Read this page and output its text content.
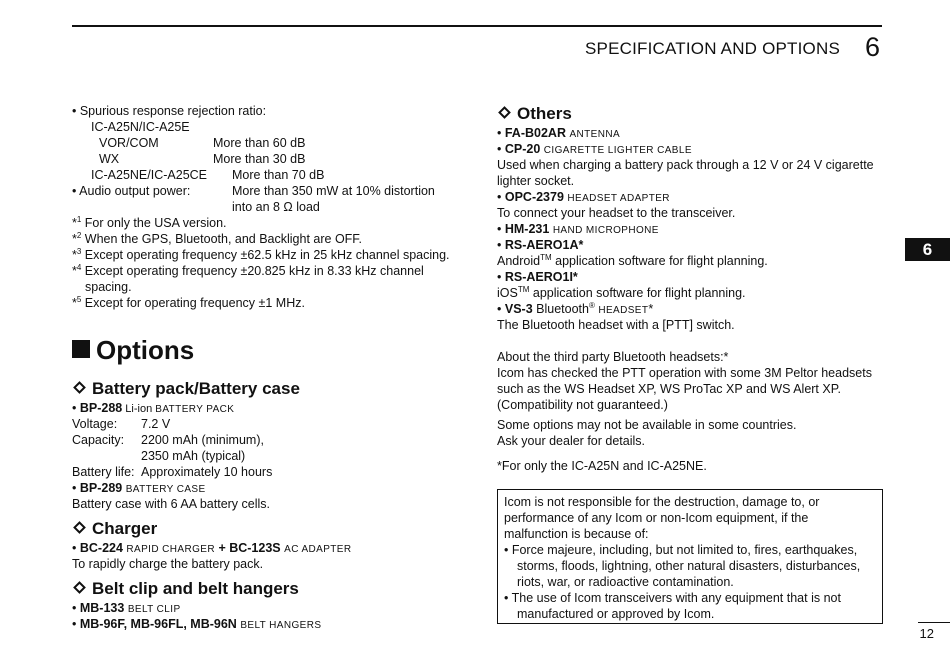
SPECIFICATION AND OPTIONS 6
6
• Spurious response rejection ratio:
IC-A25N/IC-A25E
VOR/COM	More than 60 dB
WX	More than 30 dB
IC-A25NE/IC-A25CE	More than 70 dB
• Audio output power:	More than 350 mW at 10% distortion
into an 8 Ω load
*$^1$ For only the USA version.
*$^2$ When the GPS, Bluetooth, and Backlight are OFF.
*$^3$ Except operating frequency ±62.5 kHz in 25 kHz channel spacing.
*$^4$ Except operating frequency ±20.825 kHz in 8.33 kHz channel
spacing.
*$^5$ Except for operating frequency ±1 MHz.
Options
Battery pack/Battery case
• BP-288 Li-ion BATTERY PACK
Voltage: 7.2 V
Capacity: 2200 mAh (minimum),
2350 mAh (typical)
Battery life: Approximately 10 hours
• BP-289 BATTERY CASE
Battery case with 6 AA battery cells.
Charger
• BC-224 RAPID CHARGER + BC-123S AC ADAPTER
To rapidly charge the battery pack.
Belt clip and belt hangers
• MB-133 BELT CLIP
• MB-96F, MB-96FL, MB-96N BELT HANGERS
Others
• FA-B02AR ANTENNA
• CP-20 CIGARETTE LIGHTER CABLE
Used when charging a battery pack through a 12 V or 24 V cigarette
lighter socket.
• OPC-2379 HEADSET ADAPTER
To connect your headset to the transceiver.
• HM-231 HAND MICROPHONE
• RS-AERO1A*
Android™ application software for flight planning.
• RS-AERO1I*
iOS™ application software for flight planning.
• VS-3 Bluetooth® HEADSET*
The Bluetooth headset with a [PTT] switch.
About the third party Bluetooth headsets:*
Icom has checked the PTT operation with some 3M Peltor headsets
such as the WS Headset XP, WS ProTac XP and WS Alert XP.
(Compatibility not guaranteed.)
Some options may not be available in some countries.
Ask your dealer for details.
*For only the IC-A25N and IC-A25NE.
Icom is not responsible for the destruction, damage to, or
performance of any Icom or non-Icom equipment, if the
malfunction is because of:
• Force majeure, including, but not limited to, fires, earthquakes,
storms, floods, lightning, other natural disasters, disturbances,
riots, war, or radioactive contamination.
• The use of Icom transceivers with any equipment that is not
manufactured or approved by Icom.
12
